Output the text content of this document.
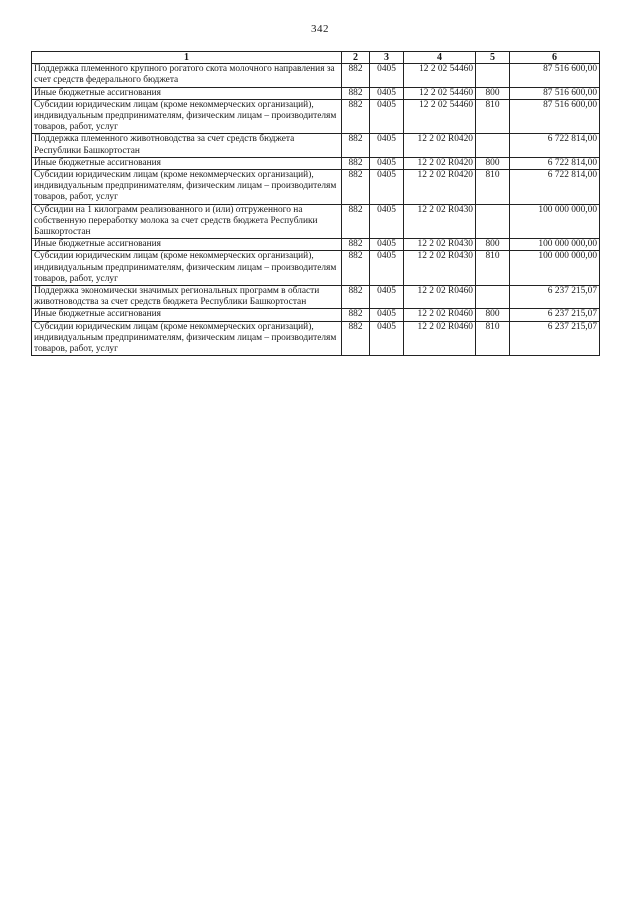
342
1	2	3	4	5	6
Поддержка племенного крупного рогатого скота молочного направления за счет средств федерального бюджета	882	0405	12 2 02 54460		87 516 600,00
Иные бюджетные ассигнования	882	0405	12 2 02 54460	800	87 516 600,00
Субсидии юридическим лицам (кроме некоммерческих организаций), индивидуальным предпринимателям, физическим лицам – производителям товаров, работ, услуг	882	0405	12 2 02 54460	810	87 516 600,00
Поддержка племенного животноводства за счет средств бюджета Республики Башкортостан	882	0405	12 2 02 R0420		6 722 814,00
Иные бюджетные ассигнования	882	0405	12 2 02 R0420	800	6 722 814,00
Субсидии юридическим лицам (кроме некоммерческих организаций), индивидуальным предпринимателям, физическим лицам – производителям товаров, работ, услуг	882	0405	12 2 02 R0420	810	6 722 814,00
Субсидии на 1 килограмм реализованного и (или) отгруженного на собственную переработку молока за счет средств бюджета Республики Башкортостан	882	0405	12 2 02 R0430		100 000 000,00
Иные бюджетные ассигнования	882	0405	12 2 02 R0430	800	100 000 000,00
Субсидии юридическим лицам (кроме некоммерческих организаций), индивидуальным предпринимателям, физическим лицам – производителям товаров, работ, услуг	882	0405	12 2 02 R0430	810	100 000 000,00
Поддержка экономически значимых региональных программ в области животноводства за счет средств бюджета Республики Башкортостан	882	0405	12 2 02 R0460		6 237 215,07
Иные бюджетные ассигнования	882	0405	12 2 02 R0460	800	6 237 215,07
Субсидии юридическим лицам (кроме некоммерческих организаций), индивидуальным предпринимателям, физическим лицам – производителям товаров, работ, услуг	882	0405	12 2 02 R0460	810	6 237 215,07
